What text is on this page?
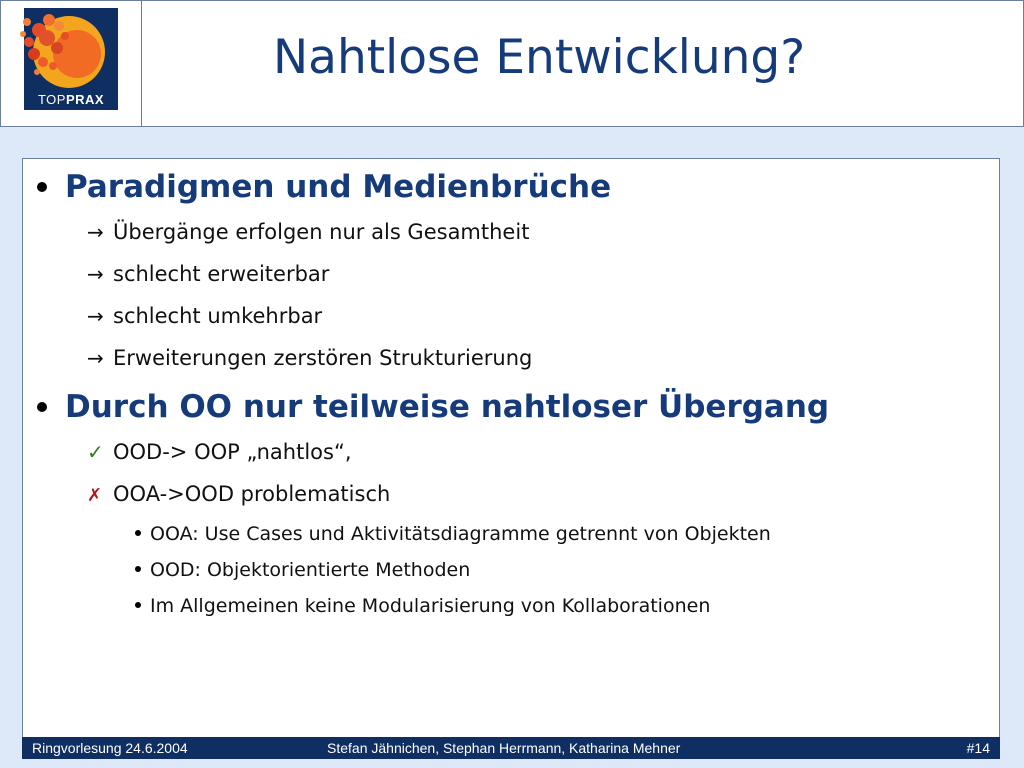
TOPPRAX
Nahtlose Entwicklung?
Paradigmen und Medienbrüche
→ Übergänge erfolgen nur als Gesamtheit
→ schlecht erweiterbar
→ schlecht umkehrbar
→ Erweiterungen zerstören Strukturierung
Durch OO nur teilweise nahtloser Übergang
✓ OOD-> OOP „nahtlos“,
✗ OOA->OOD problematisch
OOA: Use Cases und Aktivitätsdiagramme getrennt von Objekten
OOD: Objektorientierte Methoden
Im Allgemeinen keine Modularisierung von Kollaborationen
Ringvorlesung 24.6.2004	Stefan Jähnichen, Stephan Herrmann, Katharina Mehner	#14
